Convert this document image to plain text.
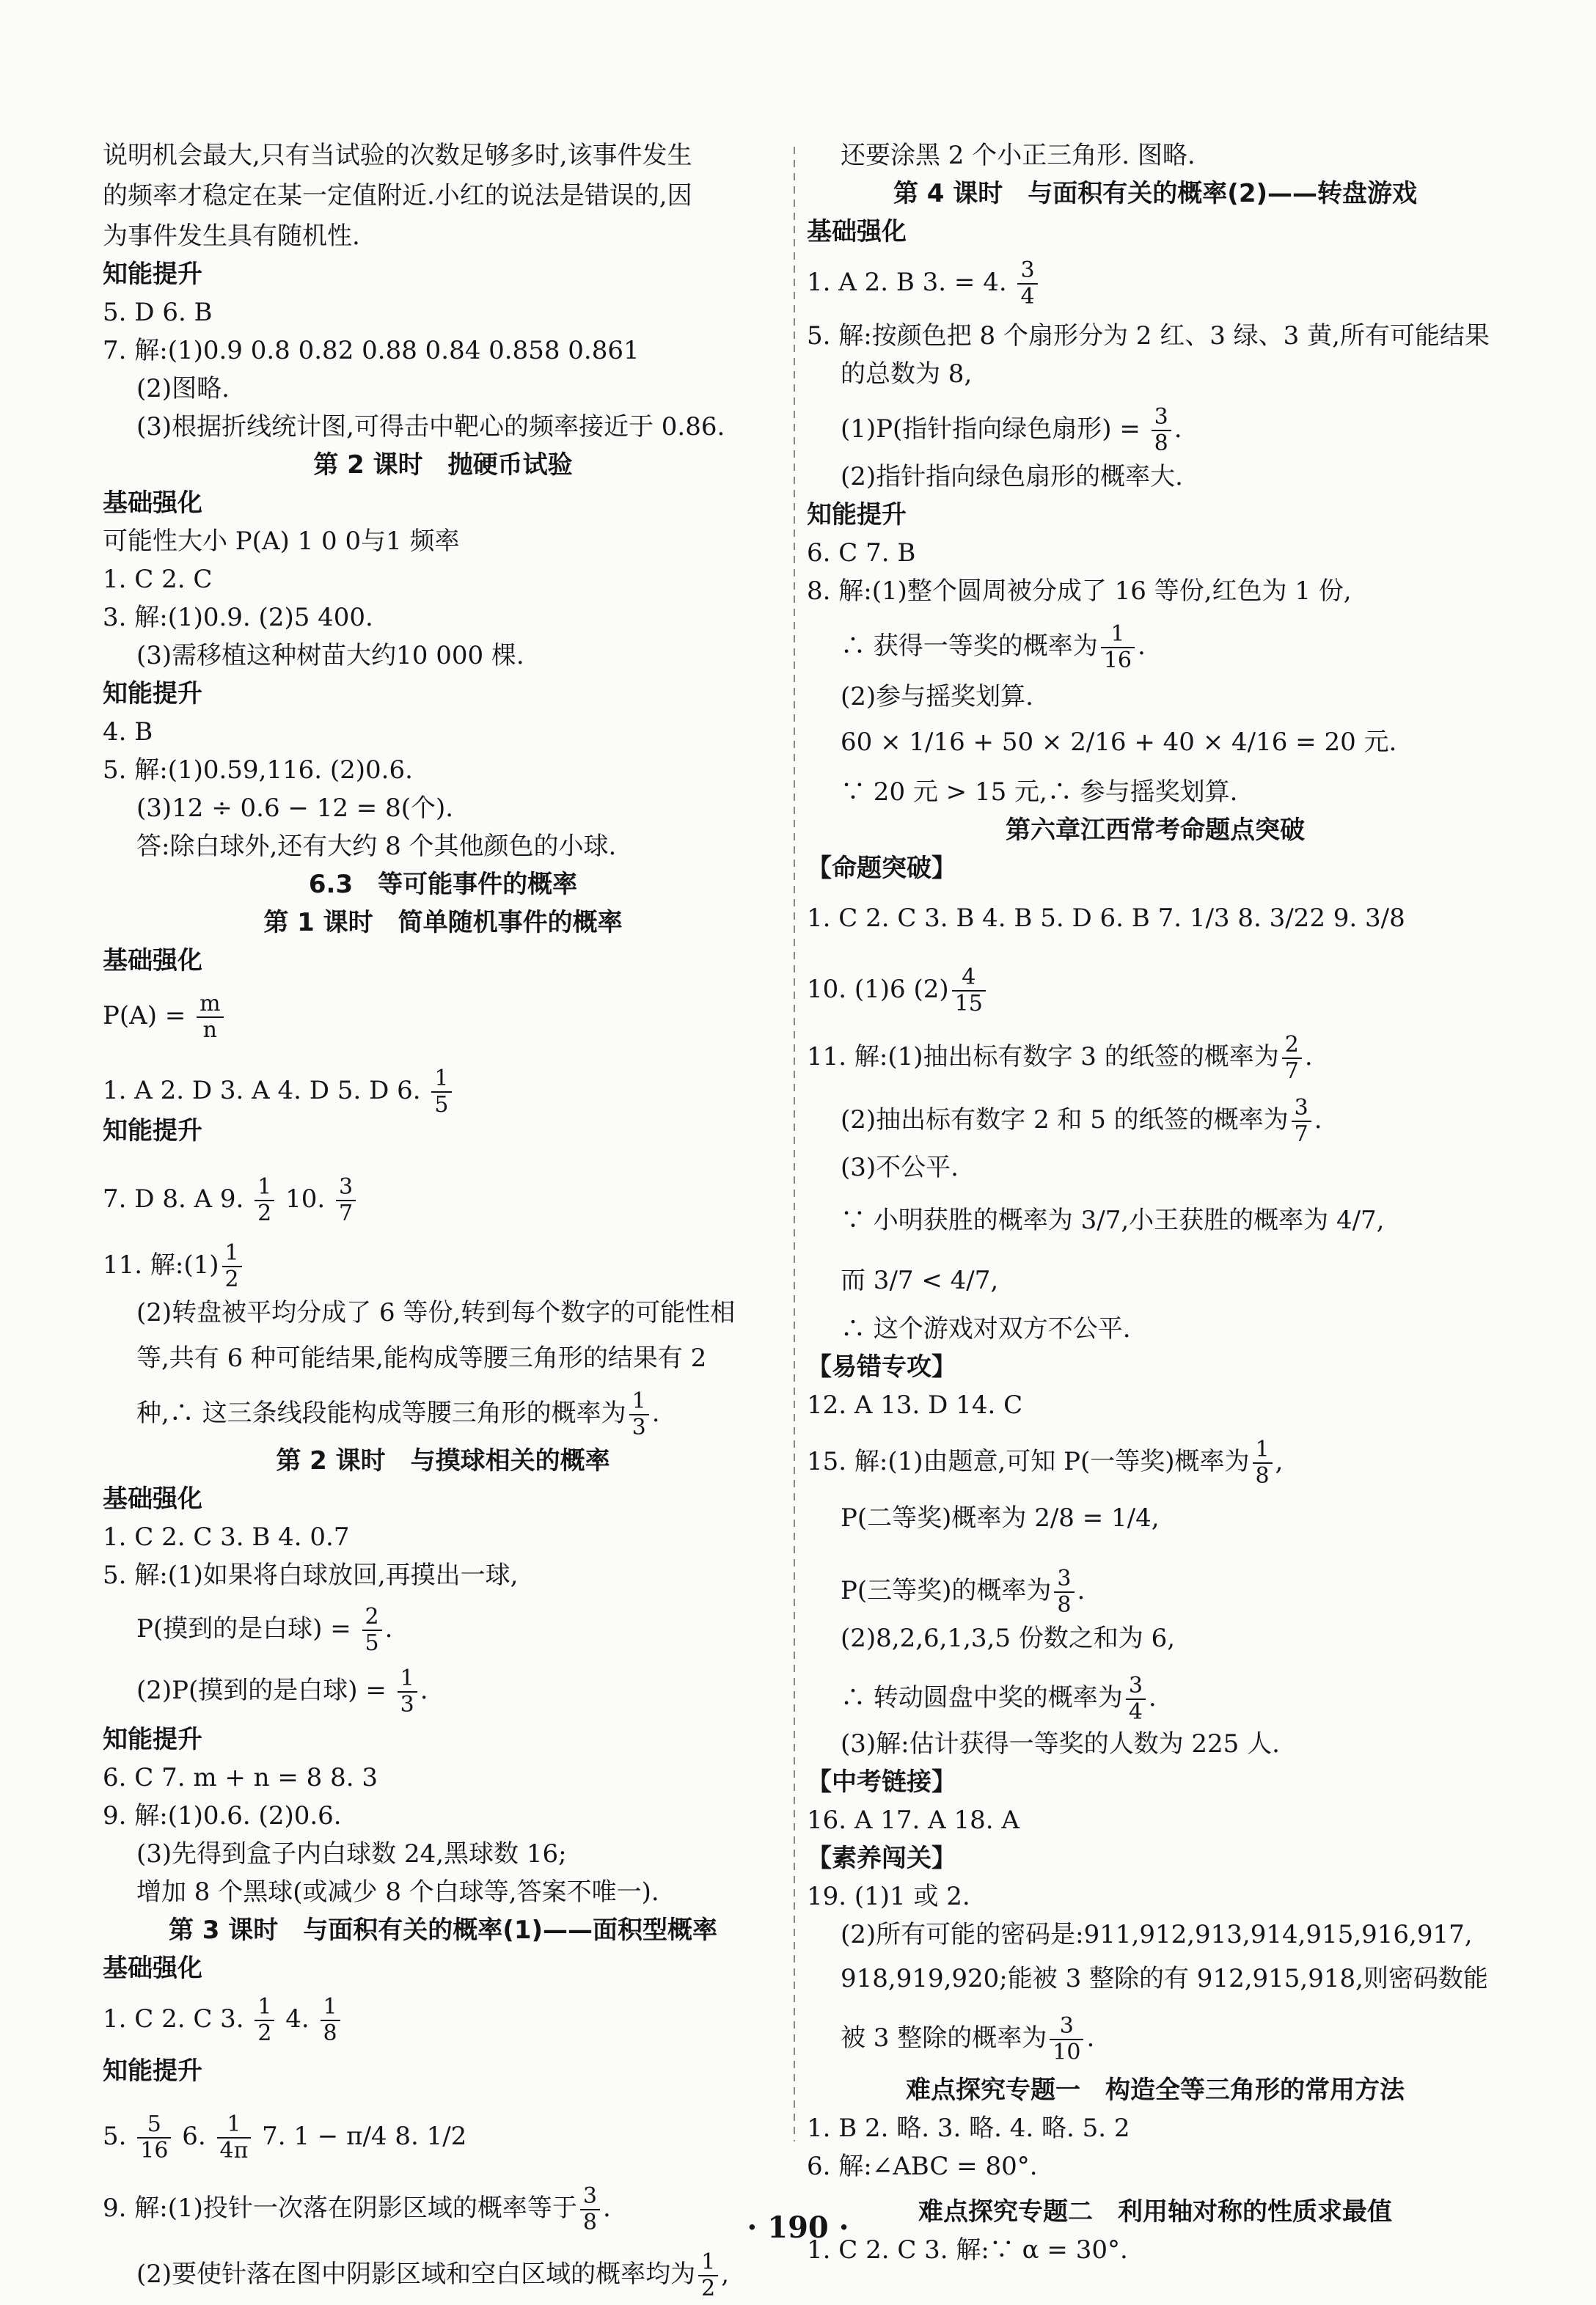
说明机会最大,只有当试验的次数足够多时,该事件发生
的频率才稳定在某一定值附近.小红的说法是错误的,因
为事件发生具有随机性.
知能提升
5. D 6. B
7. 解:(1)0.9 0.8 0.82 0.88 0.84 0.858 0.861
(2)图略.
(3)根据折线统计图,可得击中靶心的频率接近于 0.86.
第 2 课时　抛硬币试验
基础强化
可能性大小 P(A) 1 0 0与1 频率
1. C 2. C
3. 解:(1)0.9. (2)5 400.
(3)需移植这种树苗大约10 000 棵.
知能提升
4. B
5. 解:(1)0.59,116. (2)0.6.
(3)12 ÷ 0.6 − 12 = 8(个).
答:除白球外,还有大约 8 个其他颜色的小球.
6.3　等可能事件的概率
第 1 课时　简单随机事件的概率
基础强化
$P(A) = \frac{m}{n}$
1. A 2. D 3. A 4. D 5. D 6. $\frac{1}{5}$
知能提升
7. D 8. A 9. $\frac{1}{2} 10$. $\frac{3}{7}$
11. 解:(1) $\frac{1}{2}$
(2)转盘被平均分成了 6 等份,转到每个数字的可能性相
等,共有 6 种可能结果,能构成等腰三角形的结果有 2
种,∴ 这三条线段能构成等腰三角形的概率为 $\frac{1}{3}$ .
第 2 课时　与摸球相关的概率
基础强化
1. C 2. C 3. B 4. 0.7
5. 解:(1)如果将白球放回,再摸出一球,
P(摸到的是白球) = $\frac{2}{5}$ .
(2)P(摸到的是白球) = $\frac{1}{3}$ .
知能提升
6. C 7. m + n = 8 8. 3
9. 解:(1)0.6. (2)0.6.
(3)先得到盒子内白球数 24,黑球数 16;
增加 8 个黑球(或减少 8 个白球等,答案不唯一).
第 3 课时　与面积有关的概率(1)——面积型概率
基础强化
1. C 2. C 3. $\frac{1}{2} 4$. $\frac{1}{8}$
知能提升
5. $\frac{5}{16} 6$. $\frac{1}{4\pi} 7$. 1 − π/4 8. 1/2
9. 解:(1)投针一次落在阴影区域的概率等于 $\frac{3}{8}$ .
(2)要使针落在图中阴影区域和空白区域的概率均为 $\frac{1}{2}$ ,
还要涂黑 2 个小正三角形. 图略.
第 4 课时　与面积有关的概率(2)——转盘游戏
基础强化
1. A 2. B 3. = 4. $\frac{3}{4}$
5. 解:按颜色把 8 个扇形分为 2 红、3 绿、3 黄,所有可能结果
的总数为 8,
(1)P(指针指向绿色扇形) = $\frac{3}{8}$ .
(2)指针指向绿色扇形的概率大.
知能提升
6. C 7. B
8. 解:(1)整个圆周被分成了 16 等份,红色为 1 份,
∴ 获得一等奖的概率为 $\frac{1}{16}$ .
(2)参与摇奖划算.
60 × 1/16 + 50 × 2/16 + 40 × 4/16 = 20 元.
∵ 20 元 > 15 元,∴ 参与摇奖划算.
第六章江西常考命题点突破
【命题突破】
1. C 2. C 3. B 4. B 5. D 6. B 7. 1/3 8. 3/22 9. 3/8
10. (1)6 $(2) \frac{4}{15}$
11. 解:(1)抽出标有数字 3 的纸签的概率为 $\frac{2}{7}$ .
(2)抽出标有数字 2 和 5 的纸签的概率为 $\frac{3}{7}$ .
(3)不公平.
∵ 小明获胜的概率为 3/7,小王获胜的概率为 4/7,
而 3/7 < 4/7,
∴ 这个游戏对双方不公平.
【易错专攻】
12. A 13. D 14. C
15. 解:(1)由题意,可知 P(一等奖)概率为 $\frac{1}{8}$ ,
P(二等奖)概率为 2/8 = 1/4,
P(三等奖)的概率为 $\frac{3}{8}$ .
(2)8,2,6,1,3,5 份数之和为 6,
∴ 转动圆盘中奖的概率为 $\frac{3}{4}$ .
(3)解:估计获得一等奖的人数为 225 人.
【中考链接】
16. A 17. A 18. A
【素养闯关】
19. (1)1 或 2.
(2)所有可能的密码是:911,912,913,914,915,916,917,
918,919,920;能被 3 整除的有 912,915,918,则密码数能
被 3 整除的概率为 $\frac{3}{10}$ .
难点探究专题一　构造全等三角形的常用方法
1. B 2. 略. 3. 略. 4. 略. 5. 2
6. 解:∠ABC = 80°.
难点探究专题二　利用轴对称的性质求最值
1. C 2. C 3. 解:∵ α = 30°.
· 190 ·
